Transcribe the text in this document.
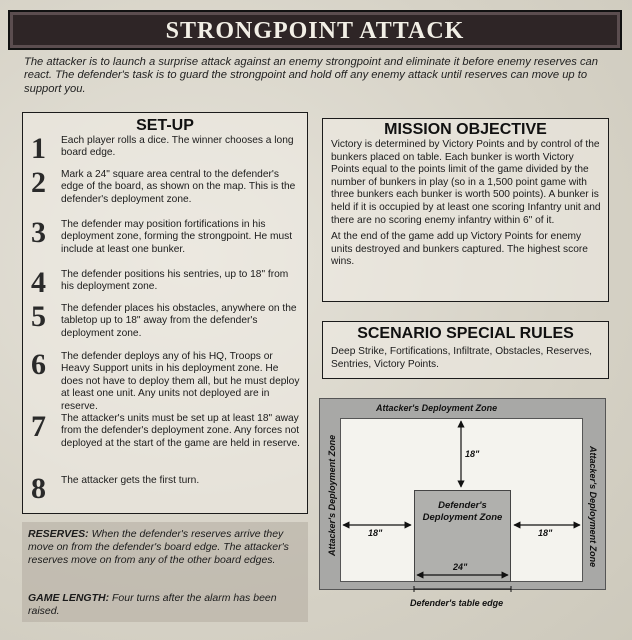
STRONGPOINT ATTACK
The attacker is to launch a surprise attack against an enemy strongpoint and eliminate it before enemy reserves can react. The defender's task is to guard the strongpoint and hold off any enemy attack until reserves can move up to support you.
SET-UP
1	Each player rolls a dice. The winner chooses a long board edge.
2	Mark a 24" square area central to the defender's edge of the board, as shown on the map. This is the defender's deployment zone.
3	The defender may position fortifications in his deployment zone, forming the strongpoint. He must include at least one bunker.
4	The defender positions his sentries, up to 18" from his deployment zone.
5	The defender places his obstacles, anywhere on the tabletop up to 18" away from the defender's deployment zone.
6	The defender deploys any of his HQ, Troops or Heavy Support units in his deployment zone. He does not have to deploy them all, but he must deploy at least one unit. Any units not deployed are in reserve.
7	The attacker's units must be set up at least 18" away from the defender's deployment zone. Any forces not deployed at the start of the game are held in reserve.
8	The attacker gets the first turn.

RESERVES: When the defender's reserves arrive they move on from the defender's board edge. The attacker's reserves move on from any of the other board edges.

GAME LENGTH: Four turns after the alarm has been raised.

MISSION OBJECTIVE

Victory is determined by Victory Points and by control of the bunkers placed on table. Each bunker is worth Victory Points equal to the points limit of the game divided by the number of bunkers in play (so in a 1,500 point game with three bunkers each bunker is worth 500 points). A bunker is held if it is occupied by at least one scoring Infantry unit and there are no scoring enemy infantry within 6" of it.

At the end of the game add up Victory Points for enemy units destroyed and bunkers captured. The highest score wins.

SCENARIO SPECIAL RULES
Deep Strike, Fortifications, Infiltrate, Obstacles, Reserves, Sentries, Victory Points.
Attacker's Deployment Zone
Attacker's Deployment Zone	Attacker's Deployment Zone
Defender's Deployment Zone
Defender's table edge
18"
18"	18"
24"
